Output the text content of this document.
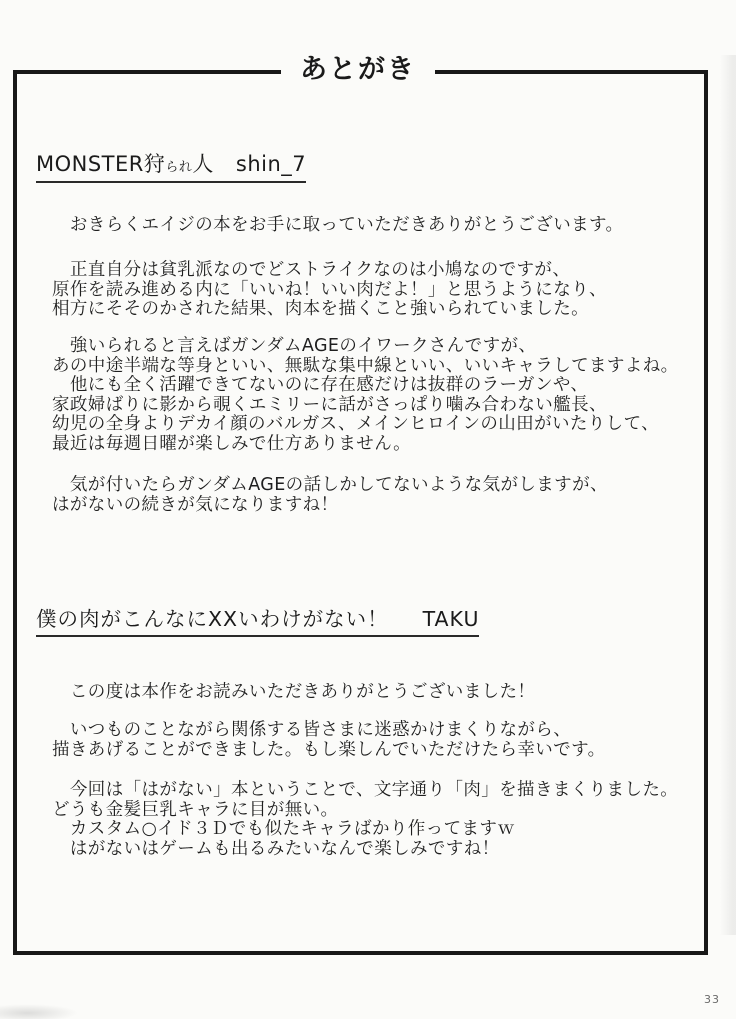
あとがき
MONSTER狩られ人 shin_7
　おきらくエイジの本をお手に取っていただきありがとうございます。
　正直自分は貧乳派なのでどストライクなのは小鳩なのですが、
原作を読み進める内に「いいね！いい肉だよ！」と思うようになり、
相方にそそのかされた結果、肉本を描くこと強いられていました。
　強いられると言えばガンダムAGEのイワークさんですが、
あの中途半端な等身といい、無駄な集中線といい、いいキャラしてますよね。
　他にも全く活躍できてないのに存在感だけは抜群のラーガンや、
家政婦ばりに影から覗くエミリーに話がさっぱり噛み合わない艦長、
幼児の全身よりデカイ顔のバルガス、メインヒロインの山田がいたりして、
最近は毎週日曜が楽しみで仕方ありません。
　気が付いたらガンダムAGEの話しかしてないような気がしますが、
はがないの続きが気になりますね！
僕の肉がこんなにXXいわけがない！ TAKU
　この度は本作をお読みいただきありがとうございました！
　いつものことながら関係する皆さまに迷惑かけまくりながら、
描きあげることができました。もし楽しんでいただけたら幸いです。
　今回は「はがない」本ということで、文字通り「肉」を描きまくりました。
どうも金髪巨乳キャラに目が無い。
　カスタム○イド３Ｄでも似たキャラばかり作ってますｗ
　はがないはゲームも出るみたいなんで楽しみですね！
33
